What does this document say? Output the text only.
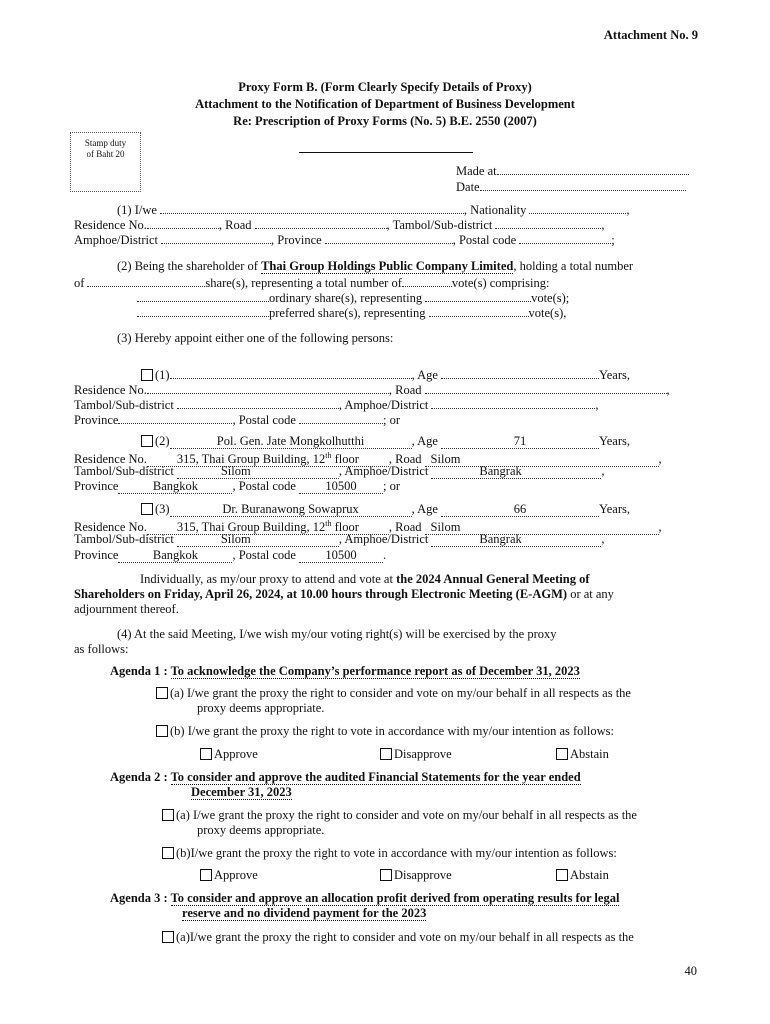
Attachment No. 9
Proxy Form B. (Form Clearly Specify Details of Proxy)
Attachment to the Notification of Department of Business Development
Re: Prescription of Proxy Forms (No. 5) B.E. 2550 (2007)
Stamp duty
of Baht 20
Made at
Date
(1) I/we	, Nationality	,
Residence No.	, Road	, Tambol/Sub-district	,
Amphoe/District	, Province	, Postal code	;
(2) Being the shareholder of Thai Group Holdings Public Company Limited, holding a total number
of	share(s), representing a total number of	vote(s) comprising:
ordinary share(s), representing	vote(s);
preferred share(s), representing	vote(s),
(3) Hereby appoint either one of the following persons:
(1)	, Age	Years,
Residence No.	, Road	,
Tambol/Sub-district	, Amphoe/District	,
Province	, Postal code	; or
(2)	Pol. Gen. Jate Mongkolhutthi	, Age	71	Years,
Residence No. 315, Thai Group Building, 12th floor , Road Silom	,
Tambol/Sub-district	Silom	, Amphoe/District	Bangrak	,
Province	Bangkok	, Postal code 10500 ; or
(3)	Dr. Buranawong Sowaprux	, Age	66	Years,
Residence No. 315, Thai Group Building, 12th floor , Road Silom	,
Tambol/Sub-district	Silom	, Amphoe/District	Bangrak	,
Province	Bangkok	, Postal code 10500 .
Individually, as my/our proxy to attend and vote at the 2024 Annual General Meeting of
Shareholders on Friday, April 26, 2024, at 10.00 hours through Electronic Meeting (E-AGM) or at any
adjournment thereof.
(4) At the said Meeting, I/we wish my/our voting right(s) will be exercised by the proxy
as follows:
Agenda 1 : To acknowledge the Company’s performance report as of December 31, 2023
(a) I/we grant the proxy the right to consider and vote on my/our behalf in all respects as the
proxy deems appropriate.
(b) I/we grant the proxy the right to vote in accordance with my/our intention as follows:
Approve	Disapprove	Abstain
Agenda 2 : To consider and approve the audited Financial Statements for the year ended
December 31, 2023
(a) I/we grant the proxy the right to consider and vote on my/our behalf in all respects as the
proxy deems appropriate.
(b)I/we grant the proxy the right to vote in accordance with my/our intention as follows:
Approve	Disapprove	Abstain
Agenda 3 : To consider and approve an allocation profit derived from operating results for legal
reserve and no dividend payment for the 2023
(a)I/we grant the proxy the right to consider and vote on my/our behalf in all respects as the
40
